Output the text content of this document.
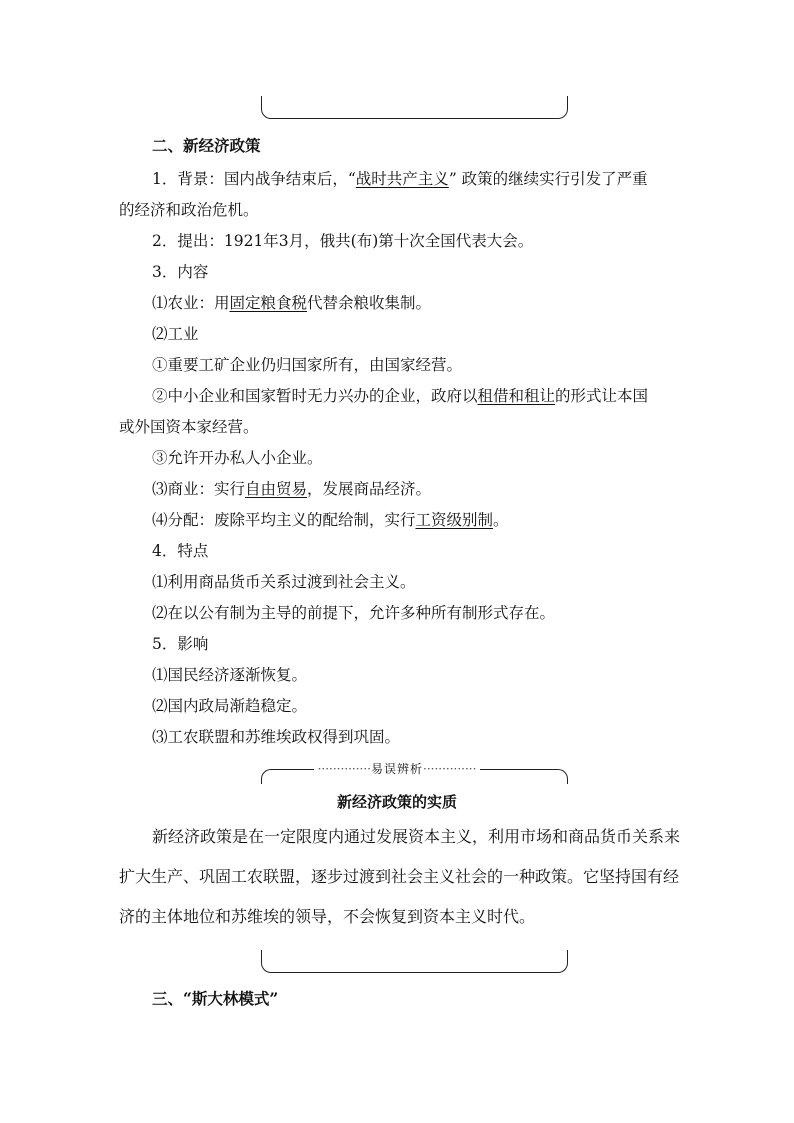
二、新经济政策
1．背景：国内战争结束后，“战时共产主义” 政策的继续实行引发了严重
的经济和政治危机。
2．提出：1921年3月，俄共(布)第十次全国代表大会。
3．内容
⑴农业：用固定粮食税代替余粮收集制。
⑵工业
①重要工矿企业仍归国家所有，由国家经营。
②中小企业和国家暂时无力兴办的企业，政府以租借和租让的形式让本国
或外国资本家经营。
③允许开办私人小企业。
⑶商业：实行自由贸易，发展商品经济。
⑷分配：废除平均主义的配给制，实行工资级别制。
4．特点
⑴利用商品货币关系过渡到社会主义。
⑵在以公有制为主导的前提下，允许多种所有制形式存在。
5．影响
⑴国民经济逐渐恢复。
⑵国内政局渐趋稳定。
⑶工农联盟和苏维埃政权得到巩固。
··············易误辨析··············
新经济政策的实质
新经济政策是在一定限度内通过发展资本主义，利用市场和商品货币关系来
扩大生产、巩固工农联盟，逐步过渡到社会主义社会的一种政策。它坚持国有经
济的主体地位和苏维埃的领导，不会恢复到资本主义时代。
三、“斯大林模式”
